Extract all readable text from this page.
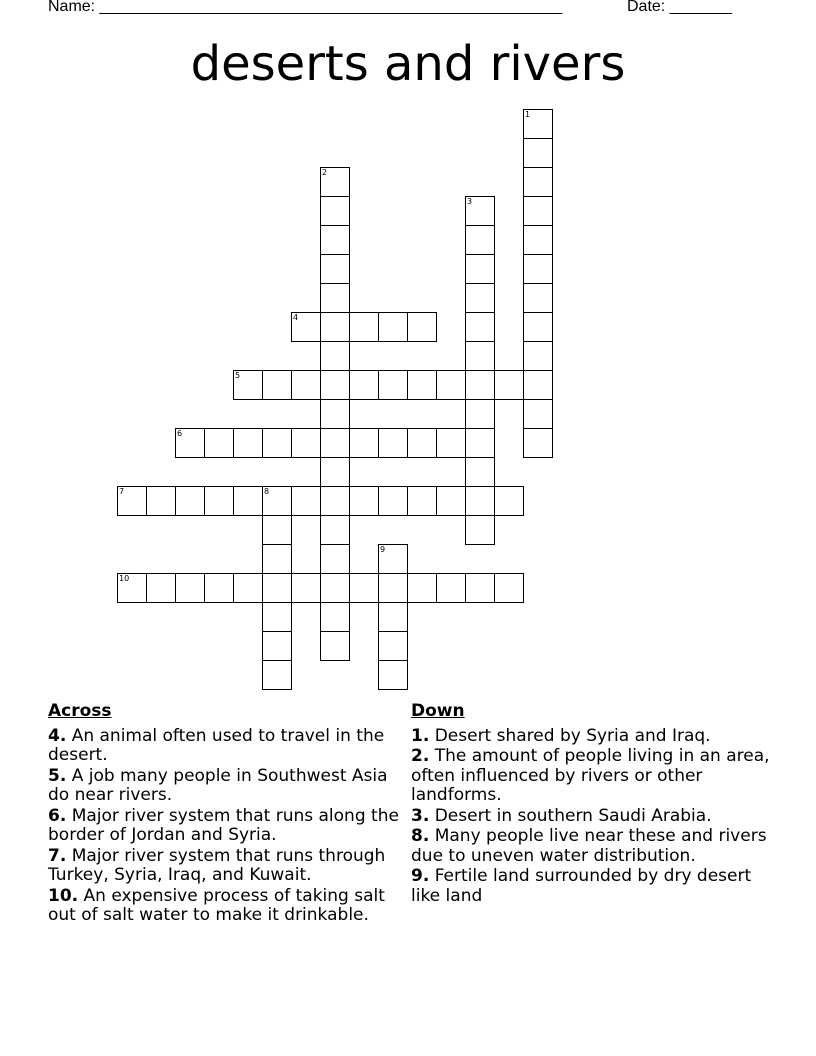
Name: ____________________________________________________	Date: _______
deserts and rivers
1
2
3
4
5
6
7	8
9
10
Across
4. An animal often used to travel in the desert.
5. A job many people in Southwest Asia do near rivers.
6. Major river system that runs along the border of Jordan and Syria.
7. Major river system that runs through Turkey, Syria, Iraq, and Kuwait.
10. An expensive process of taking salt out of salt water to make it drinkable.
Down
1. Desert shared by Syria and Iraq.
2. The amount of people living in an area, often influenced by rivers or other landforms.
3. Desert in southern Saudi Arabia.
8. Many people live near these and rivers due to uneven water distribution.
9. Fertile land surrounded by dry desert like land
